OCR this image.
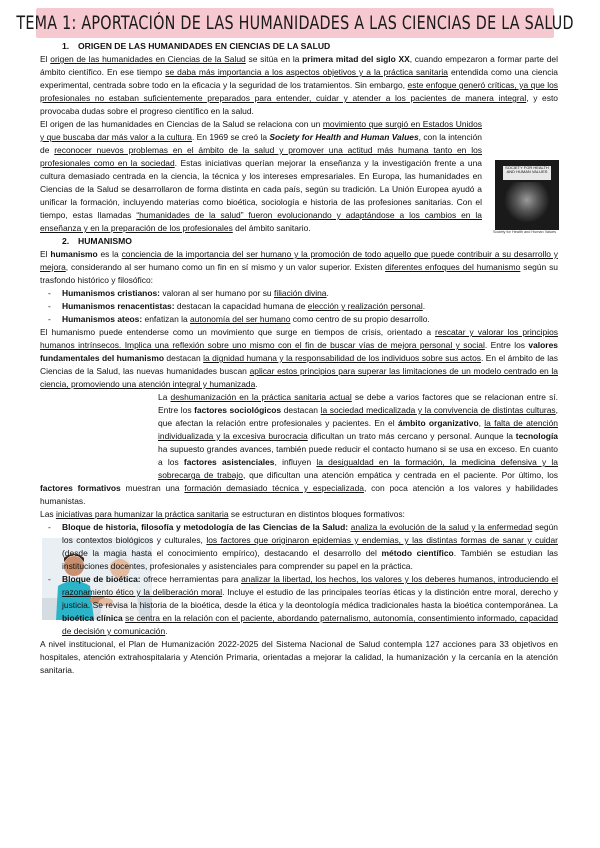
TEMA 1: APORTACIÓN DE LAS HUMANIDADES A LAS CIENCIAS DE LA SALUD
SOCIETY FOR HEALTH AND HUMAN VALUES
Society for Health and Human Values
1. ORIGEN DE LAS HUMANIDADES EN CIENCIAS DE LA SALUD

El origen de las humanidades en Ciencias de la Salud se sitúa en la primera mitad del siglo XX, cuando empezaron a formar parte del ámbito científico. En ese tiempo se daba más importancia a los aspectos objetivos y a la práctica sanitaria entendida como una ciencia experimental, centrada sobre todo en la eficacia y la seguridad de los tratamientos. Sin embargo, este enfoque generó críticas, ya que los profesionales no estaban suficientemente preparados para entender, cuidar y atender a los pacientes de manera integral, y esto provocaba dudas sobre el progreso científico en la salud.

El origen de las humanidades en Ciencias de la Salud se relaciona con un movimiento que surgió en Estados Unidos y que buscaba dar más valor a la cultura. En 1969 se creó la Society for Health and Human Values, con la intención de reconocer nuevos problemas en el ámbito de la salud y promover una actitud más humana tanto en los profesionales como en la sociedad. Estas iniciativas querían mejorar la enseñanza y la investigación frente a una cultura demasiado centrada en la ciencia, la técnica y los intereses empresariales. En Europa, las humanidades en Ciencias de la Salud se desarrollaron de forma distinta en cada país, según su tradición. La Unión Europea ayudó a unificar la formación, incluyendo materias como bioética, sociología e historia de las profesiones sanitarias. Con el tiempo, estas llamadas “humanidades de la salud” fueron evolucionando y adaptándose a los cambios en la enseñanza y en la preparación de los profesionales del ámbito sanitario.

2. HUMANISMO

El humanismo es la conciencia de la importancia del ser humano y la promoción de todo aquello que puede contribuir a su desarrollo y mejora, considerando al ser humano como un fin en sí mismo y un valor superior. Existen diferentes enfoques del humanismo según su trasfondo histórico y filosófico:

- Humanismos cristianos: valoran al ser humano por su filiación divina.
- Humanismos renacentistas: destacan la capacidad humana de elección y realización personal.
- Humanismos ateos: enfatizan la autonomía del ser humano como centro de su propio desarrollo.

El humanismo puede entenderse como un movimiento que surge en tiempos de crisis, orientado a rescatar y valorar los principios humanos intrínsecos. Implica una reflexión sobre uno mismo con el fin de buscar vías de mejora personal y social. Entre los valores fundamentales del humanismo destacan la dignidad humana y la responsabilidad de los individuos sobre sus actos. En el ámbito de las Ciencias de la Salud, las nuevas humanidades buscan aplicar estos principios para superar las limitaciones de un modelo centrado en la ciencia, promoviendo una atención integral y humanizada.

La deshumanización en la práctica sanitaria actual se debe a varios factores que se relacionan entre sí. Entre los factores sociológicos destacan la sociedad medicalizada y la convivencia de distintas culturas, que afectan la relación entre profesionales y pacientes. En el ámbito organizativo, la falta de atención individualizada y la excesiva burocracia dificultan un trato más cercano y personal. Aunque la tecnología ha supuesto grandes avances, también puede reducir el contacto humano si se usa en exceso. En cuanto a los factores asistenciales, influyen la desigualdad en la formación, la medicina defensiva y la sobrecarga de trabajo, que dificultan una atención empática y centrada en el paciente. Por último, los factores formativos muestran una formación demasiado técnica y especializada, con poca atención a los valores y habilidades humanistas.

Las iniciativas para humanizar la práctica sanitaria se estructuran en distintos bloques formativos:

- Bloque de historia, filosofía y metodología de las Ciencias de la Salud: analiza la evolución de la salud y la enfermedad según los contextos biológicos y culturales, los factores que originaron epidemias y endemias, y las distintas formas de sanar y cuidar (desde la magia hasta el conocimiento empírico), destacando el desarrollo del método científico. También se estudian las instituciones docentes, profesionales y asistenciales para comprender su papel en la práctica.
- Bloque de bioética: ofrece herramientas para analizar la libertad, los hechos, los valores y los deberes humanos, introduciendo el razonamiento ético y la deliberación moral. Incluye el estudio de las principales teorías éticas y la distinción entre moral, derecho y justicia. Se revisa la historia de la bioética, desde la ética y la deontología médica tradicionales hasta la bioética contemporánea. La bioética clínica se centra en la relación con el paciente, abordando paternalismo, autonomía, consentimiento informado, capacidad de decisión y comunicación.

A nivel institucional, el Plan de Humanización 2022-2025 del Sistema Nacional de Salud contempla 127 acciones para 33 objetivos en hospitales, atención extrahospitalaria y Atención Primaria, orientadas a mejorar la calidad, la humanización y la cercanía en la atención sanitaria.
